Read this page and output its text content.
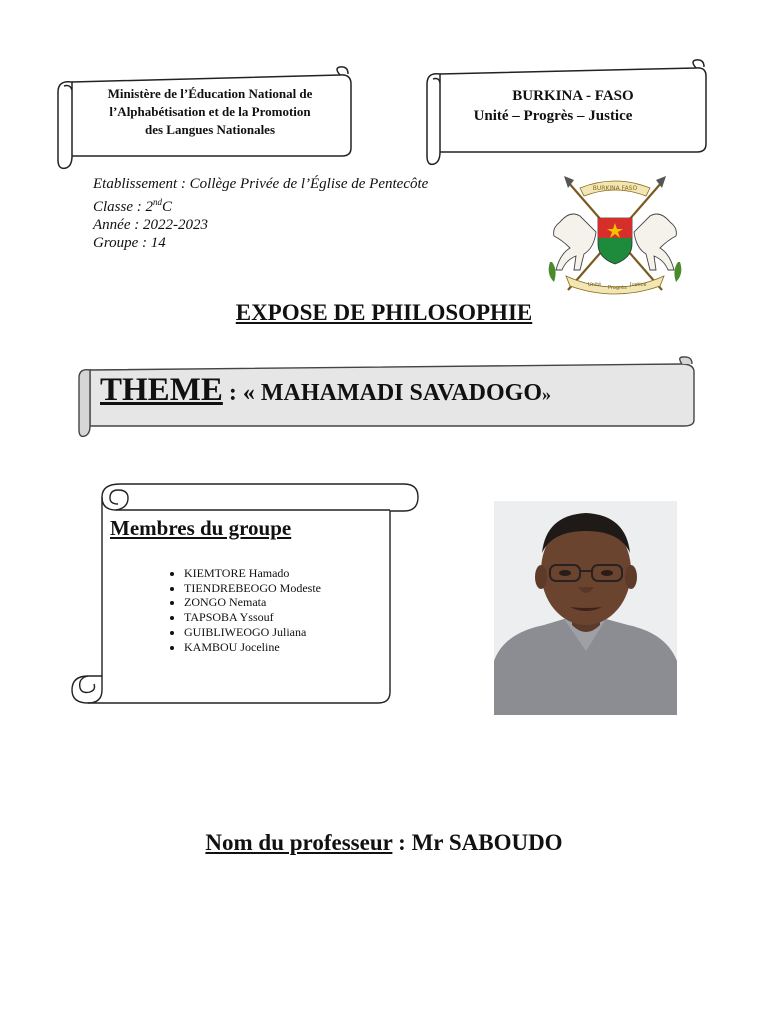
Ministère de l’Éducation National de
l’Alphabétisation et de la Promotion
des Langues Nationales
BURKINA - FASO
Unité – Progrès – Justice
Etablissement : Collège Privée de l’Église de Pentecôte
Classe : 2ndC
Année : 2022-2023
Groupe : 14
BURKINA FASO
Unité Progrès Justice
EXPOSE DE PHILOSOPHIE
THEME : « MAHAMADI SAVADOGO»
Membres du groupe
• KIEMTORE Hamado
• TIENDREBEOGO Modeste
• ZONGO Nemata
• TAPSOBA Yssouf
• GUIBLIWEOGO Juliana
• KAMBOU Joceline
Nom du professeur : Mr SABOUDO
